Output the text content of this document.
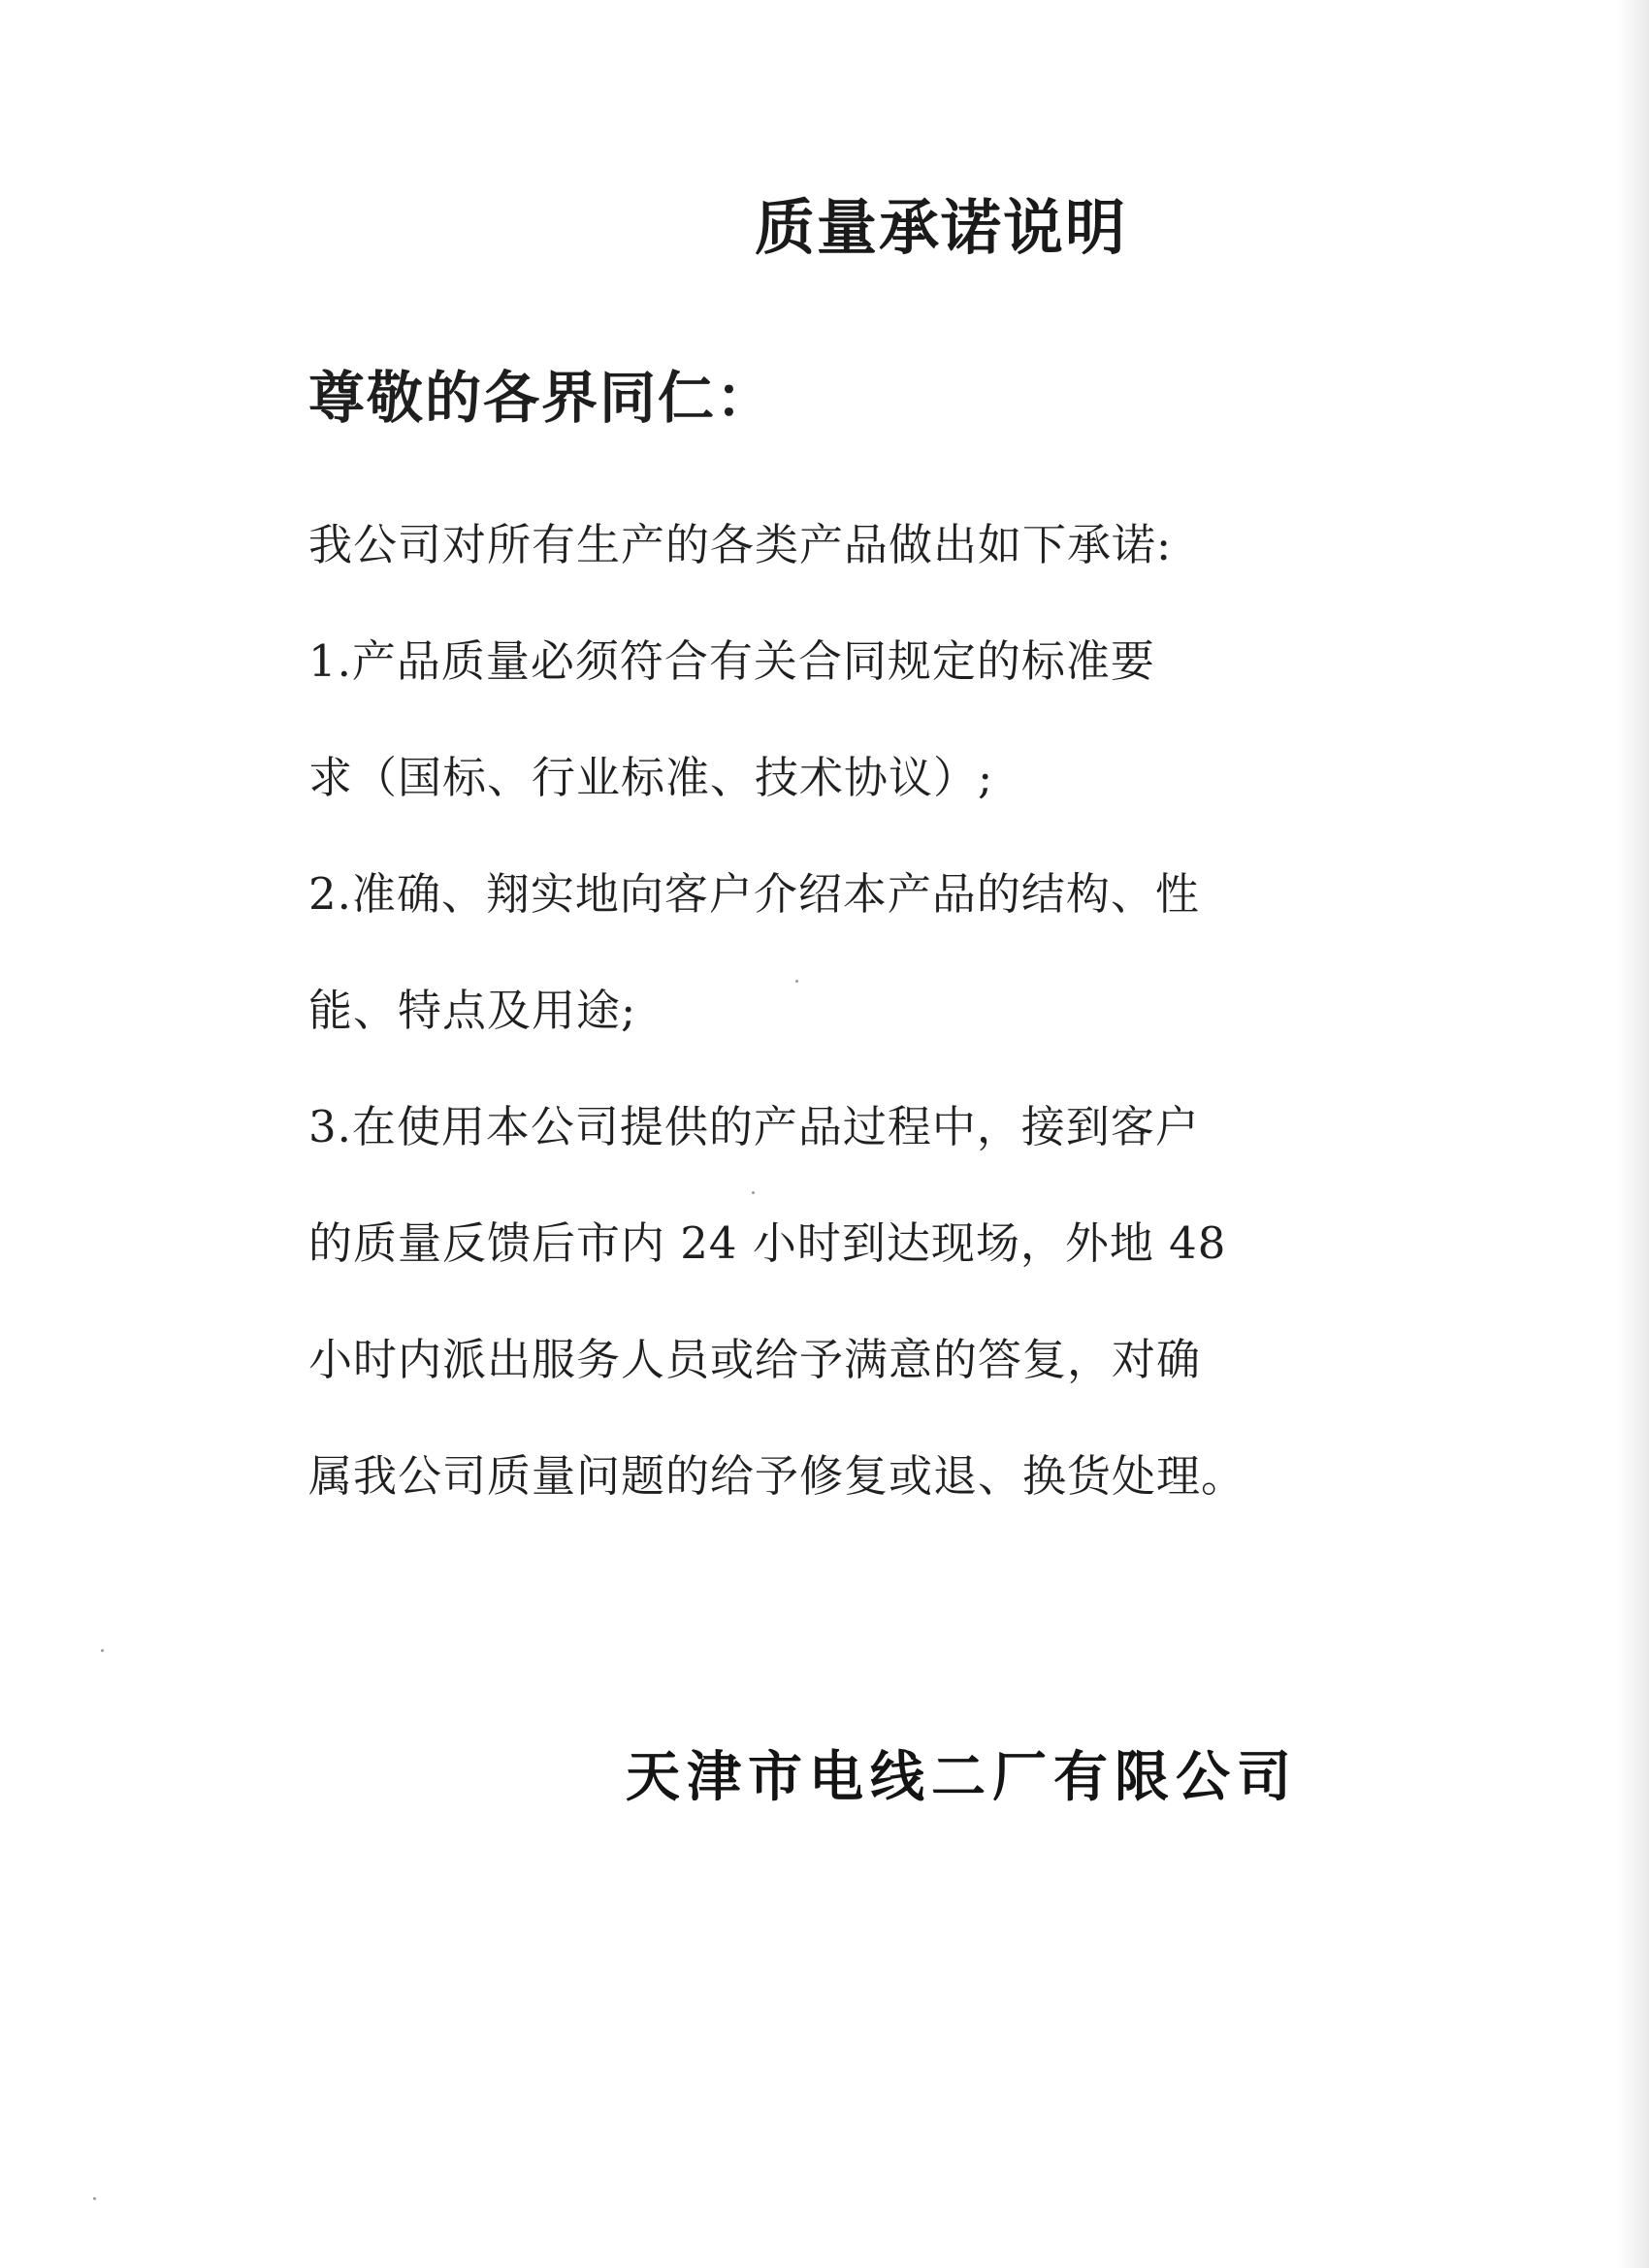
质量承诺说明
尊敬的各界同仁：
我公司对所有生产的各类产品做出如下承诺:
1.产品质量必须符合有关合同规定的标准要
求（国标、行业标准、技术协议）;
2.准确、翔实地向客户介绍本产品的结构、性
能、特点及用途;
3.在使用本公司提供的产品过程中，接到客户
的质量反馈后市内 24 小时到达现场，外地 48
小时内派出服务人员或给予满意的答复，对确
属我公司质量问题的给予修复或退、换货处理。
天津市电线二厂有限公司
